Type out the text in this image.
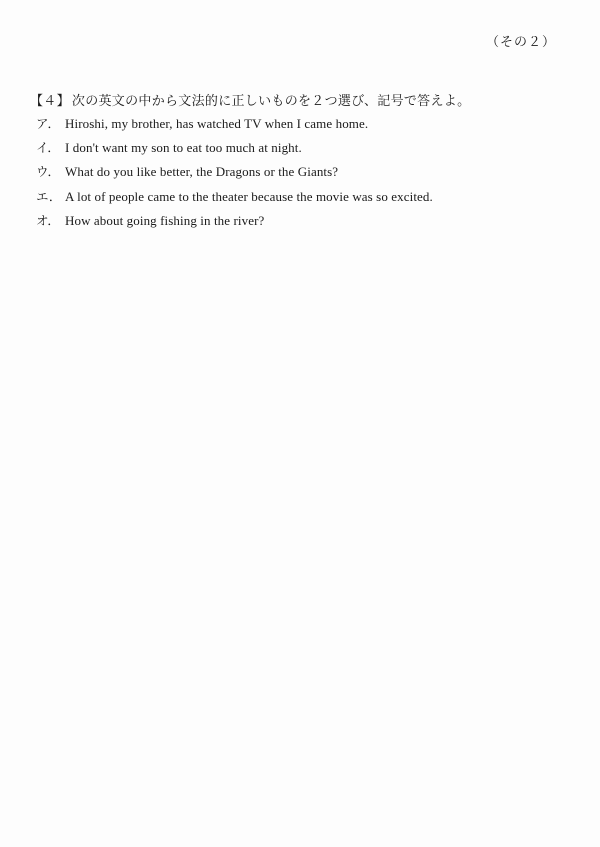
（その２）
【４】 次の英文の中から文法的に正しいものを２つ選び、記号で答えよ。
ア． Hiroshi, my brother, has watched TV when I came home.
イ． I don't want my son to eat too much at night.
ウ． What do you like better, the Dragons or the Giants?
エ． A lot of people came to the theater because the movie was so excited.
オ． How about going fishing in the river?
